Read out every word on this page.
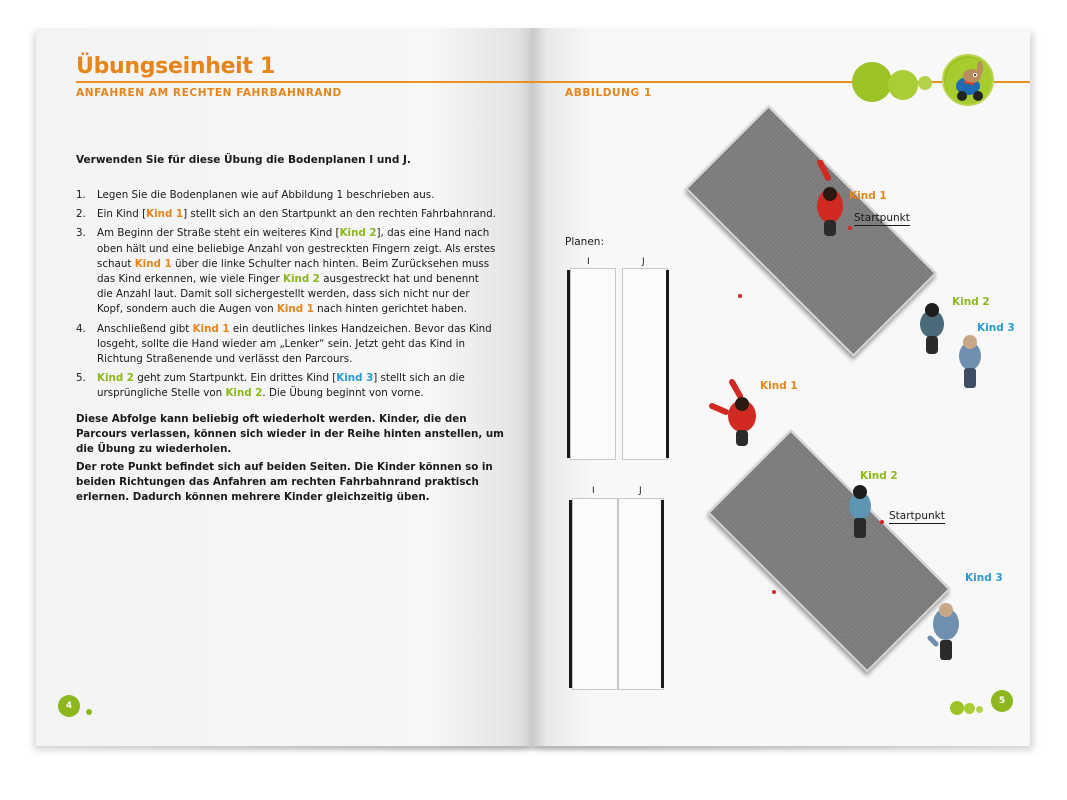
Übungseinheit 1
ANFAHREN AM RECHTEN FAHRBAHNRAND
Verwenden Sie für diese Übung die Bodenplanen I und J.
1. Legen Sie die Bodenplanen wie auf Abbildung 1 beschrieben aus.
2. Ein Kind [Kind 1] stellt sich an den Startpunkt an den rechten Fahrbahnrand.
3. Am Beginn der Straße steht ein weiteres Kind [Kind 2], das eine Hand nach oben hält und eine beliebige Anzahl von gestreckten Fingern zeigt. Als erstes schaut Kind 1 über die linke Schulter nach hinten. Beim Zurücksehen muss das Kind erkennen, wie viele Finger Kind 2 ausgestreckt hat und benennt die Anzahl laut. Damit soll sichergestellt werden, dass sich nicht nur der Kopf, sondern auch die Augen von Kind 1 nach hinten gerichtet haben.
4. Anschließend gibt Kind 1 ein deutliches linkes Handzeichen. Bevor das Kind losgeht, sollte die Hand wieder am „Lenker“ sein. Jetzt geht das Kind in Richtung Straßenende und verlässt den Parcours.
5. Kind 2 geht zum Startpunkt. Ein drittes Kind [Kind 3] stellt sich an die ursprüngliche Stelle von Kind 2. Die Übung beginnt von vorne.
Diese Abfolge kann beliebig oft wiederholt werden. Kinder, die den Parcours verlassen, können sich wieder in der Reihe hinten anstellen, um die Übung zu wiederholen.
Der rote Punkt befindet sich auf beiden Seiten. Die Kinder können so in beiden Richtungen das Anfahren am rechten Fahrbahnrand praktisch erlernen. Dadurch können mehrere Kinder gleichzeitig üben.
4
ABBILDUNG 1
Planen:
I	J
I	J
Kind 1
Startpunkt
Kind 2
Kind 3
Kind 1
Kind 2
Startpunkt
Kind 3
5
